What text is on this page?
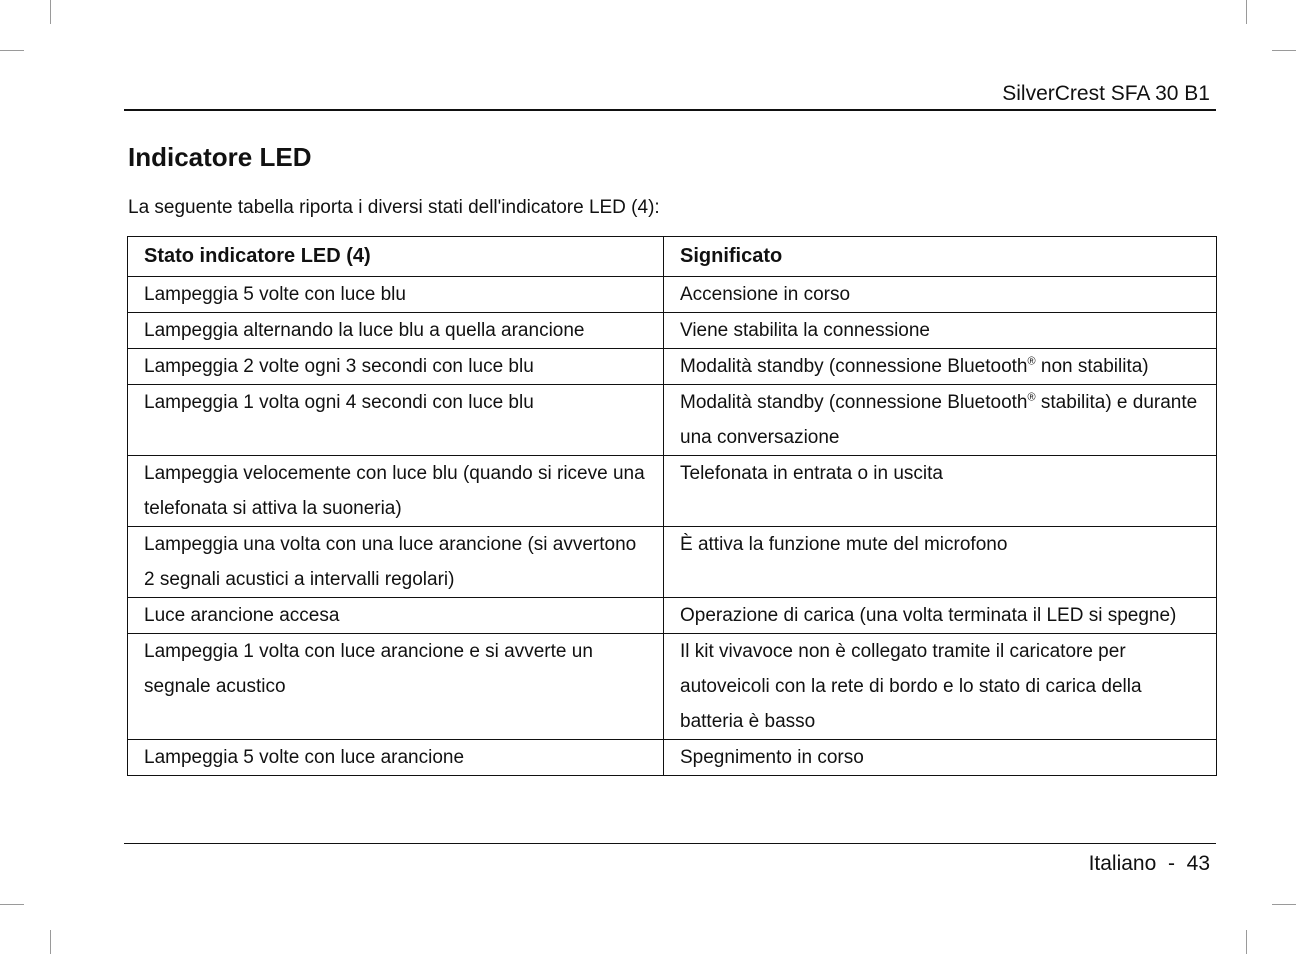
SilverCrest SFA 30 B1
Indicatore LED
La seguente tabella riporta i diversi stati dell'indicatore LED (4):
Stato indicatore LED (4)	Significato
Lampeggia 5 volte con luce blu	Accensione in corso
Lampeggia alternando la luce blu a quella arancione	Viene stabilita la connessione
Lampeggia 2 volte ogni 3 secondi con luce blu	Modalità standby (connessione Bluetooth® non stabilita)
Lampeggia 1 volta ogni 4 secondi con luce blu	Modalità standby (connessione Bluetooth® stabilita) e durante una conversazione
Lampeggia velocemente con luce blu (quando si riceve una telefonata si attiva la suoneria)	Telefonata in entrata o in uscita
Lampeggia una volta con una luce arancione (si avvertono 2 segnali acustici a intervalli regolari)	È attiva la funzione mute del microfono
Luce arancione accesa	Operazione di carica (una volta terminata il LED si spegne)
Lampeggia 1 volta con luce arancione e si avverte un segnale acustico	Il kit vivavoce non è collegato tramite il caricatore per autoveicoli con la rete di bordo e lo stato di carica della batteria è basso
Lampeggia 5 volte con luce arancione	Spegnimento in corso
Italiano - 43
